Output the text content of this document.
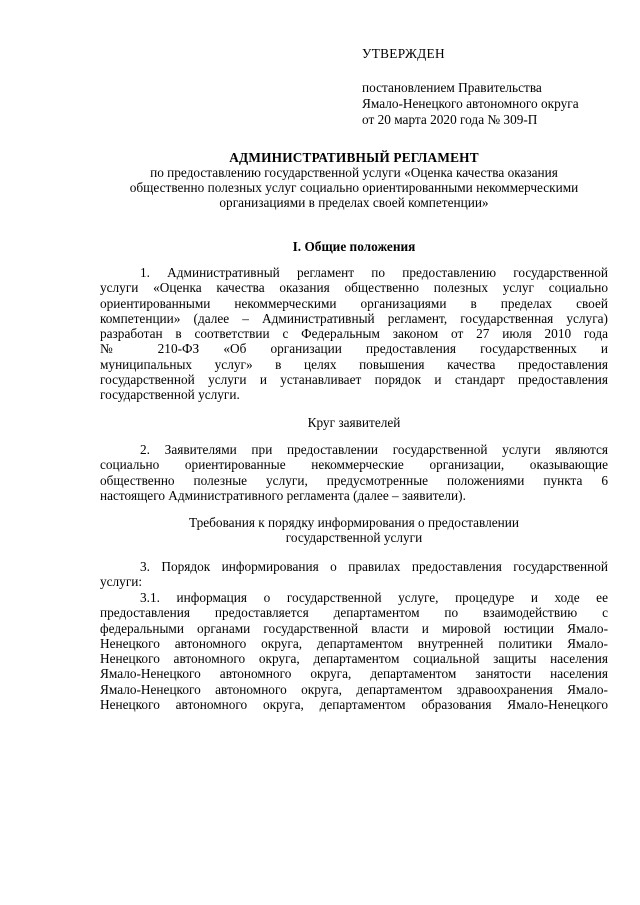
УТВЕРЖДЕН
постановлением Правительства
Ямало-Ненецкого автономного округа
от 20 марта 2020 года № 309-П
АДМИНИСТРАТИВНЫЙ РЕГЛАМЕНТ
по предоставлению государственной услуги «Оценка качества оказания
общественно полезных услуг социально ориентированными некоммерческими
организациями в пределах своей компетенции»
I. Общие положения
1. Административный регламент по предоставлению государственной
услуги «Оценка качества оказания общественно полезных услуг социально
ориентированными некоммерческими организациями в пределах своей
компетенции» (далее – Административный регламент, государственная услуга)
разработан в соответствии с Федеральным законом от 27 июля 2010 года
№ 210-ФЗ «Об организации предоставления государственных и
муниципальных услуг» в целях повышения качества предоставления
государственной услуги и устанавливает порядок и стандарт предоставления
государственной услуги.
Круг заявителей
2. Заявителями при предоставлении государственной услуги являются
социально ориентированные некоммерческие организации, оказывающие
общественно полезные услуги, предусмотренные положениями пункта 6
настоящего Административного регламента (далее – заявители).
Требования к порядку информирования о предоставлении
государственной услуги
3. Порядок информирования о правилах предоставления государственной
услуги:
3.1. информация о государственной услуге, процедуре и ходе ее
предоставления предоставляется департаментом по взаимодействию с
федеральными органами государственной власти и мировой юстиции Ямало-
Ненецкого автономного округа, департаментом внутренней политики Ямало-
Ненецкого автономного округа, департаментом социальной защиты населения
Ямало-Ненецкого автономного округа, департаментом занятости населения
Ямало-Ненецкого автономного округа, департаментом здравоохранения Ямало-
Ненецкого автономного округа, департаментом образования Ямало-Ненецкого
